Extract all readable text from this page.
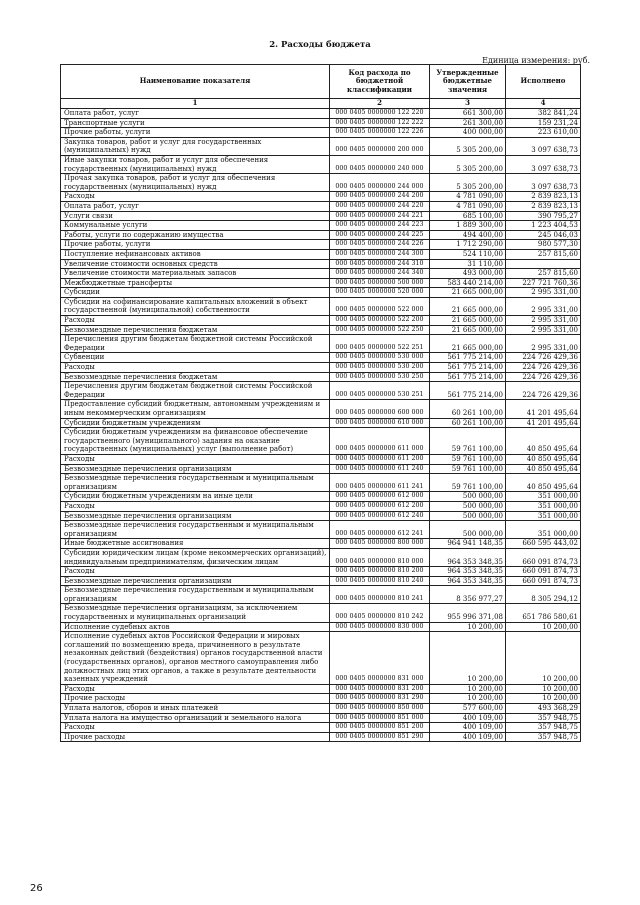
2. Расходы бюджета
Единица измерения: руб.
Наименование показателя	Код расхода по бюджетной классификации	Утвержденные бюджетные значения	Исполнено
1	2	3	4
Оплата работ, услуг	000 0405 0000000 122 220	661 300,00	382 841,24
Транспортные услуги	000 0405 0000000 122 222	261 300,00	159 231,24
Прочие работы, услуги	000 0405 0000000 122 226	400 000,00	223 610,00
Закупка товаров, работ и услуг для государственных (муниципальных) нужд	000 0405 0000000 200 000	5 305 200,00	3 097 638,73
Иные закупки товаров, работ и услуг для обеспечения государственных (муниципальных) нужд	000 0405 0000000 240 000	5 305 200,00	3 097 638,73
Прочая закупка товаров, работ и услуг для обеспечения государственных (муниципальных) нужд	000 0405 0000000 244 000	5 305 200,00	3 097 638,73
Расходы	000 0405 0000000 244 200	4 781 090,00	2 839 823,13
Оплата работ, услуг	000 0405 0000000 244 220	4 781 090,00	2 839 823,13
Услуги связи	000 0405 0000000 244 221	685 100,00	390 795,27
Коммунальные услуги	000 0405 0000000 244 223	1 889 300,00	1 223 404,53
Работы, услуги по содержанию имущества	000 0405 0000000 244 225	494 400,00	245 046,03
Прочие работы, услуги	000 0405 0000000 244 226	1 712 290,00	980 577,30
Поступление нефинансовых активов	000 0405 0000000 244 300	524 110,00	257 815,60
Увеличение стоимости основных средств	000 0405 0000000 244 310	31 110,00	
Увеличение стоимости материальных запасов	000 0405 0000000 244 340	493 000,00	257 815,60
Межбюджетные трансферты	000 0405 0000000 500 000	583 440 214,00	227 721 760,36
Субсидии	000 0405 0000000 520 000	21 665 000,00	2 995 331,00
Субсидии на софинансирование капитальных вложений в объект государственной (муниципальной) собственности	000 0405 0000000 522 000	21 665 000,00	2 995 331,00
Расходы	000 0405 0000000 522 200	21 665 000,00	2 995 331,00
Безвозмездные перечисления бюджетам	000 0405 0000000 522 250	21 665 000,00	2 995 331,00
Перечисления другим бюджетам бюджетной системы Российской Федерации	000 0405 0000000 522 251	21 665 000,00	2 995 331,00
Субвенции	000 0405 0000000 530 000	561 775 214,00	224 726 429,36
Расходы	000 0405 0000000 530 200	561 775 214,00	224 726 429,36
Безвозмездные перечисления бюджетам	000 0405 0000000 530 250	561 775 214,00	224 726 429,36
Перечисления другим бюджетам бюджетной системы Российской Федерации	000 0405 0000000 530 251	561 775 214,00	224 726 429,36
Предоставление субсидий бюджетным, автономным учреждениям и иным некоммерческим организациям	000 0405 0000000 600 000	60 261 100,00	41 201 495,64
Субсидии бюджетным учреждениям	000 0405 0000000 610 000	60 261 100,00	41 201 495,64
Субсидии бюджетным учреждениям на финансовое обеспечение государственного (муниципального) задания на оказание государственных (муниципальных) услуг (выполнение работ)	000 0405 0000000 611 000	59 761 100,00	40 850 495,64
Расходы	000 0405 0000000 611 200	59 761 100,00	40 850 495,64
Безвозмездные перечисления организациям	000 0405 0000000 611 240	59 761 100,00	40 850 495,64
Безвозмездные перечисления государственным и муниципальным организациям	000 0405 0000000 611 241	59 761 100,00	40 850 495,64
Субсидии бюджетным учреждениям на иные цели	000 0405 0000000 612 000	500 000,00	351 000,00
Расходы	000 0405 0000000 612 200	500 000,00	351 000,00
Безвозмездные перечисления организациям	000 0405 0000000 612 240	500 000,00	351 000,00
Безвозмездные перечисления государственным и муниципальным организациям	000 0405 0000000 612 241	500 000,00	351 000,00
Иные бюджетные ассигнования	000 0405 0000000 800 000	964 941 148,35	660 595 443,02
Субсидии юридическим лицам (кроме некоммерческих организаций), индивидуальным предпринимателям, физическим лицам	000 0405 0000000 810 000	964 353 348,35	660 091 874,73
Расходы	000 0405 0000000 810 200	964 353 348,35	660 091 874,73
Безвозмездные перечисления организациям	000 0405 0000000 810 240	964 353 348,35	660 091 874,73
Безвозмездные перечисления государственным и муниципальным организациям	000 0405 0000000 810 241	8 356 977,27	8 305 294,12
Безвозмездные перечисления организациям, за исключением государственных и муниципальных организаций	000 0405 0000000 810 242	955 996 371,08	651 786 580,61
Исполнение судебных актов	000 0405 0000000 830 000	10 200,00	10 200,00
Исполнение судебных актов Российской Федерации и мировых соглашений по возмещению вреда, причиненного в результате незаконных действий (бездействия) органов государственной власти (государственных органов), органов местного самоуправления либо должностных лиц этих органов, а также в результате деятельности казенных учреждений	000 0405 0000000 831 000	10 200,00	10 200,00
Расходы	000 0405 0000000 831 200	10 200,00	10 200,00
Прочие расходы	000 0405 0000000 831 290	10 200,00	10 200,00
Уплата налогов, сборов и иных платежей	000 0405 0000000 850 000	577 600,00	493 368,29
Уплата налога на имущество организаций и земельного налога	000 0405 0000000 851 000	400 109,00	357 948,75
Расходы	000 0405 0000000 851 200	400 109,00	357 948,75
Прочие расходы	000 0405 0000000 851 290	400 109,00	357 948,75
26
